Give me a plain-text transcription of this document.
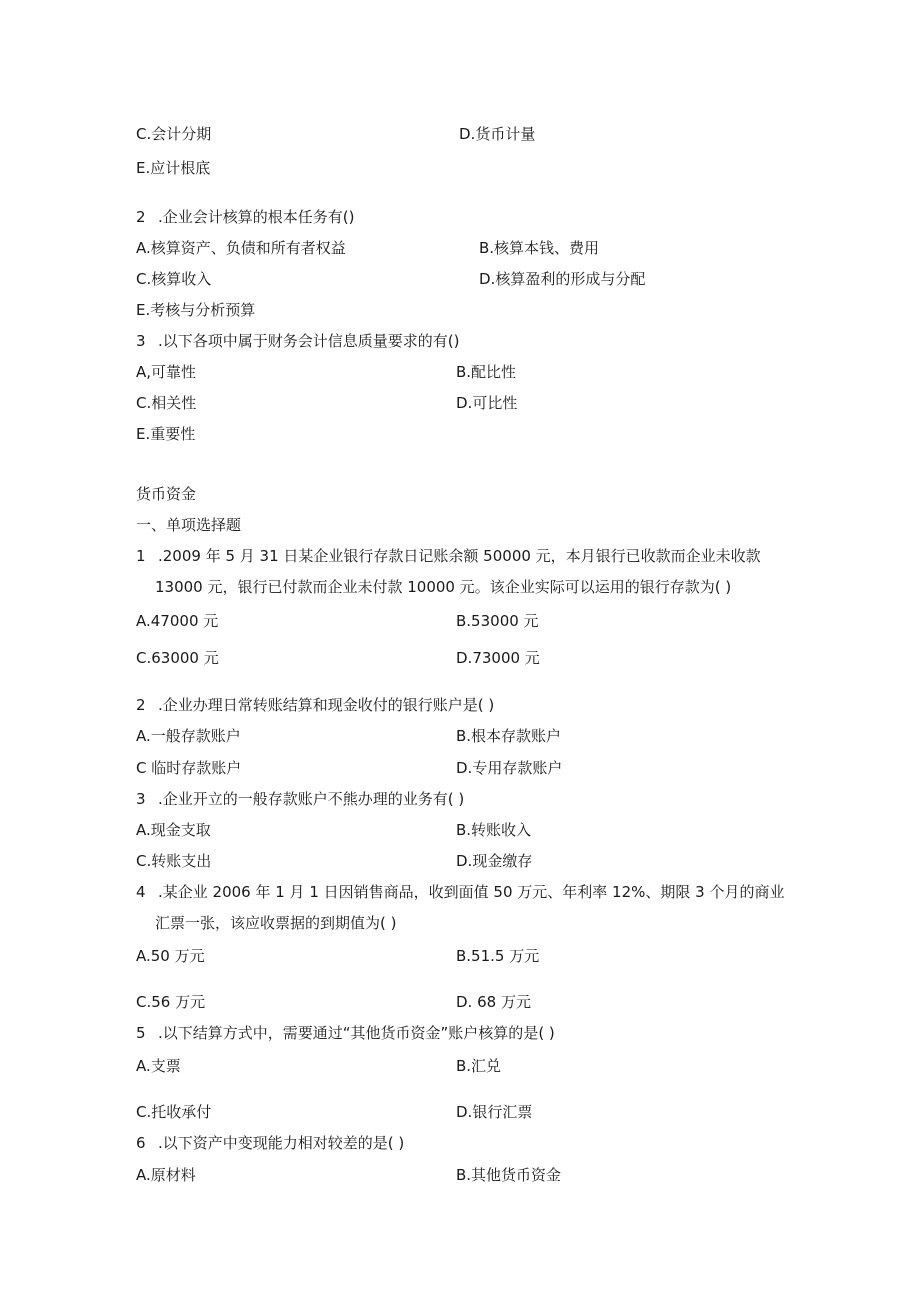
C.会计分期	D.货币计量
E.应计根底
2 .企业会计核算的根本任务有()
A.核算资产、负债和所有者权益	B.核算本钱、费用
C.核算收入	D.核算盈利的形成与分配
E.考核与分析预算
3 .以下各项中属于财务会计信息质量要求的有()
A,可靠性	B.配比性
C.相关性	D.可比性
E.重要性
货币资金
一、单项选择题
1 .2009 年 5 月 31 日某企业银行存款日记账余额 50000 元，本月银行已收款而企业未收款
13000 元，银行已付款而企业未付款 10000 元。该企业实际可以运用的银行存款为( )
A.47000 元	B.53000 元
C.63000 元	D.73000 元
2 .企业办理日常转账结算和现金收付的银行账户是( )
A.一般存款账户	B.根本存款账户
C 临时存款账户	D.专用存款账户
3 .企业开立的一般存款账户不熊办理的业务有( )
A.现金支取	B.转账收入
C.转账支出	D.现金缴存
4 .某企业 2006 年 1 月 1 日因销售商品，收到面值 50 万元、年利率 12%、期限 3 个月的商业
汇票一张，该应收票据的到期值为( )
A.50 万元	B.51.5 万元
C.56 万元	D. 68 万元
5 .以下结算方式中，需要通过“其他货币资金”账户核算的是( )
A.支票	B.汇兑
C.托收承付	D.银行汇票
6 .以下资产中变现能力相对较差的是( )
A.原材料	B.其他货币资金
